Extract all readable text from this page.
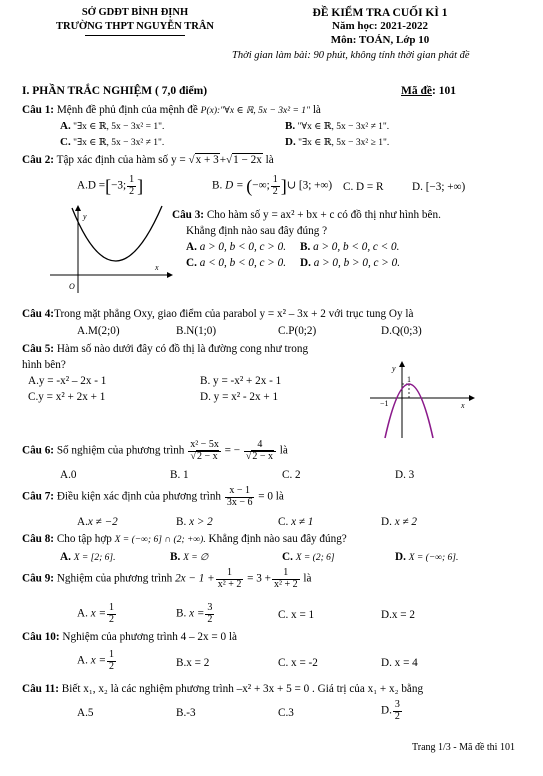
SỞ GDĐT BÌNH ĐỊNH
TRƯỜNG THPT NGUYỄN TRÂN
ĐỀ KIỂM TRA CUỐI KÌ 1
Năm học: 2021-2022
Môn: TOÁN, Lớp 10
Thời gian làm bài: 90 phút, không tính thời gian phát đề
I. PHẦN TRẮC NGHIỆM ( 7,0 điểm)	Mã đề: 101
Câu 1: Mệnh đề phủ định của mệnh đề P(x):"∀x ∈ ℝ, 5x − 3x² = 1" là
A. "∃x ∈ ℝ, 5x − 3x² = 1".	B. "∀x ∈ ℝ, 5x − 3x² ≠ 1".
C. "∃x ∈ ℝ, 5x − 3x² ≠ 1".	D. "∃x ∈ ℝ, 5x − 3x² ≥ 1".
Câu 2: Tập xác định của hàm số y = √x + 3+√1 − 2x là
A.D =[−3; $\frac{1}{2}$ ]	B. D = (−∞; $\frac{1}{2}$ ]∪ [3; +∞) C. D = R	D. [−3; +∞)
y
x
O
Câu 3: Cho hàm số y = ax² + bx + c có đồ thị như hình bên.
Khẳng định nào sau đây đúng ?
A. a > 0, b < 0, c > 0. B. a > 0, b < 0, c < 0.
C. a < 0, b < 0, c > 0. D. a > 0, b > 0, c > 0.
Câu 4:Trong mặt phẳng Oxy, giao điểm của parabol y = x² – 3x + 2 với trục tung Oy là
A.M(2;0)	B.N(1;0)	C.P(0;2)	D.Q(0;3)
Câu 5: Hàm số nào dưới đây có đồ thị là đường cong như trong
hình bên?
A.y = -x² – 2x - 1	B. y = -x² + 2x - 1
C.y = x² + 2x + 1	D. y = x² - 2x + 1
y
x
1
−1
Câu 6: Số nghiệm của phương trình $\frac{\text{x² − 5x}}{√2 - x}$ = − $\frac{4}{√2 - x}$ là
A.0	B. 1	C. 2	D. 3
Câu 7: Điều kiện xác định của phương trình $\frac{x - 1}{3x - 6} = 0$ là
A.x ≠ −2	B. x > 2	C. x ≠ 1	D. x ≠ 2
Câu 8: Cho tập hợp X = (−∞; 6] ∩ (2; +∞). Khẳng định nào sau đây đúng?
A. X = [2; 6].	B. X = ∅	C. X = (2; 6]	D. X = (−∞; 6].
Câu 9: Nghiệm của phương trình $2x - 1 + \frac{1}{\text{x² + 2}} = 3 + \frac{1}{\text{x² + 2}}$ là
A. $x = \frac{1}{2}$	B. $x = \frac{3}{2}$	C. x = 1	D.x = 2
Câu 10: Nghiệm của phương trình 4 – 2x = 0 là
A. $x = \frac{1}{2}$	B.x = 2	C. x = -2	D. x = 4
Câu 11: Biết x₁, x₂ là các nghiệm phương trình –x² + 3x + 5 = 0 . Giá trị của x₁ + x₂ bằng
A.5	B.-3	C.3	D. $\frac{3}{2}$
Trang 1/3 - Mã đề thi 101
